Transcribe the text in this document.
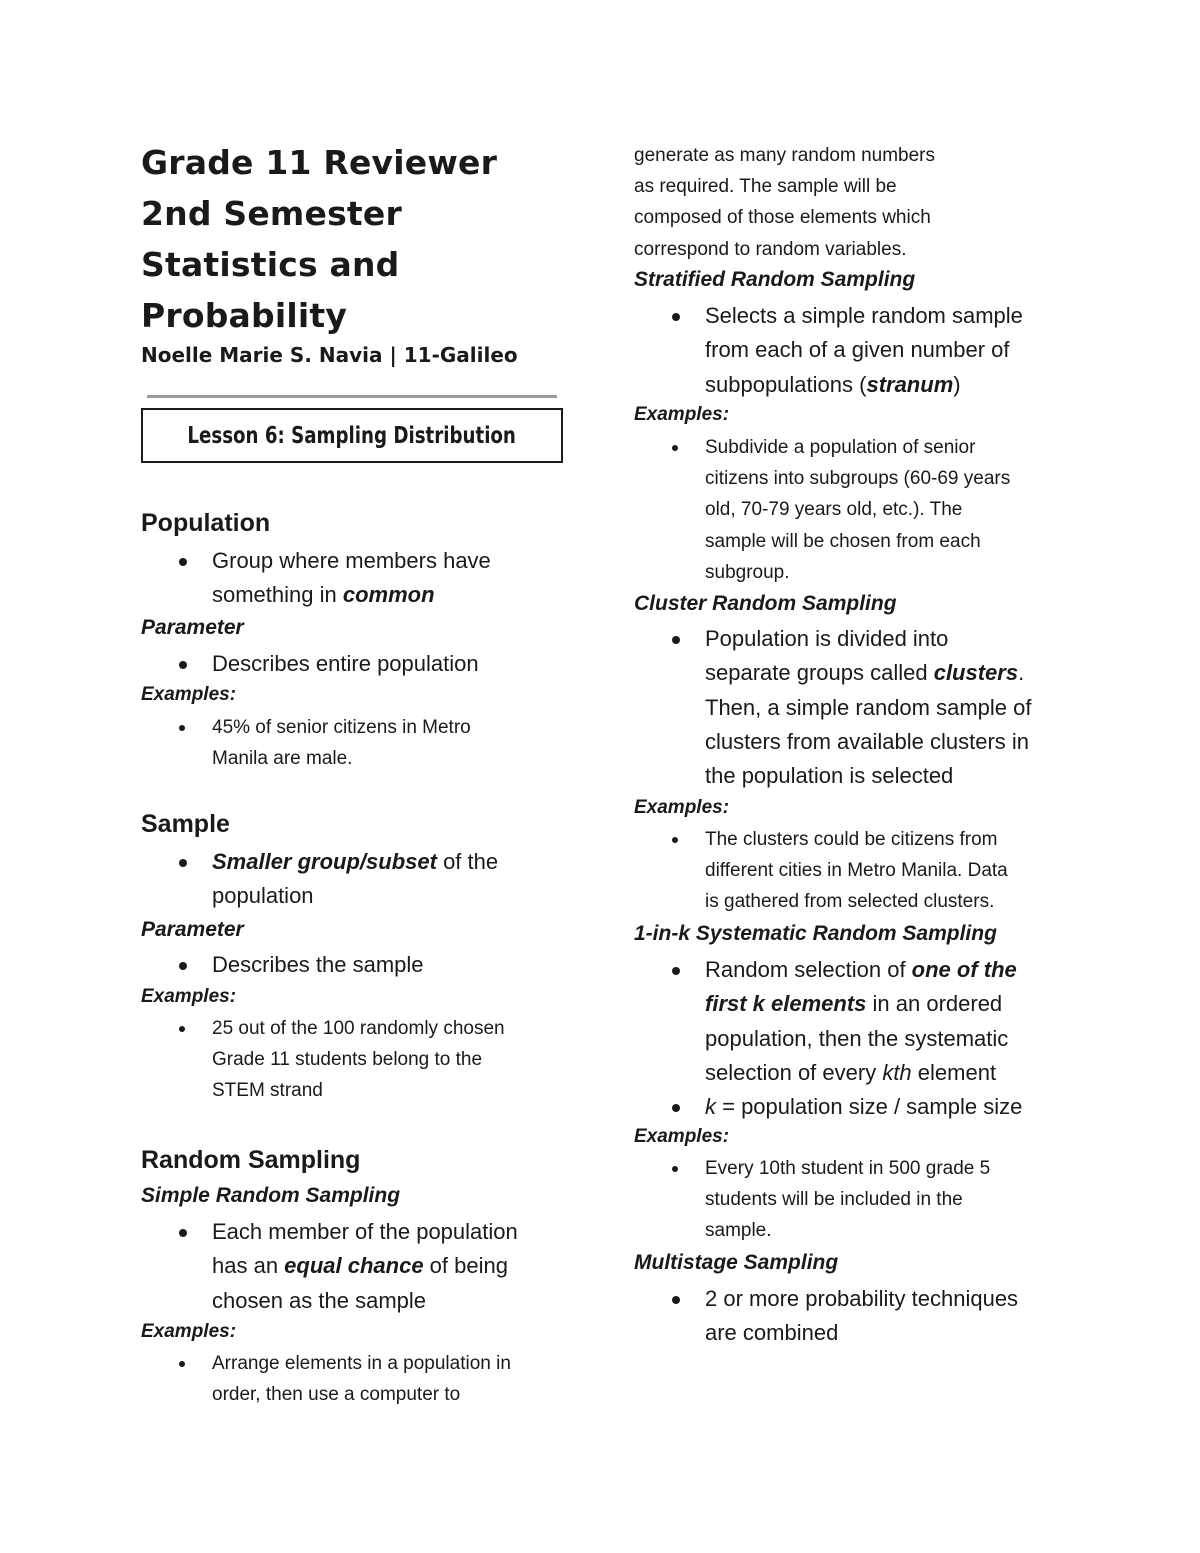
Grade 11 Reviewer
2nd Semester
Statistics and
Probability
Noelle Marie S. Navia | 11-Galileo
Lesson 6: Sampling Distribution
Population
Group where members have
something in common
Parameter
Describes entire population
Examples:
45% of senior citizens in Metro
Manila are male.
Sample
Smaller group/subset of the
population
Parameter
Describes the sample
Examples:
25 out of the 100 randomly chosen
Grade 11 students belong to the
STEM strand
Random Sampling
Simple Random Sampling
Each member of the population
has an equal chance of being
chosen as the sample
Examples:
Arrange elements in a population in
order, then use a computer to
generate as many random numbers
as required. The sample will be
composed of those elements which
correspond to random variables.
Stratified Random Sampling
Selects a simple random sample
from each of a given number of
subpopulations (stranum)
Examples:
Subdivide a population of senior
citizens into subgroups (60-69 years
old, 70-79 years old, etc.). The
sample will be chosen from each
subgroup.
Cluster Random Sampling
Population is divided into
separate groups called clusters.
Then, a simple random sample of
clusters from available clusters in
the population is selected
Examples:
The clusters could be citizens from
different cities in Metro Manila. Data
is gathered from selected clusters.
1-in-k Systematic Random Sampling
Random selection of one of the
first k elements in an ordered
population, then the systematic
selection of every kth element
k = population size / sample size
Examples:
Every 10th student in 500 grade 5
students will be included in the
sample.
Multistage Sampling
2 or more probability techniques
are combined
